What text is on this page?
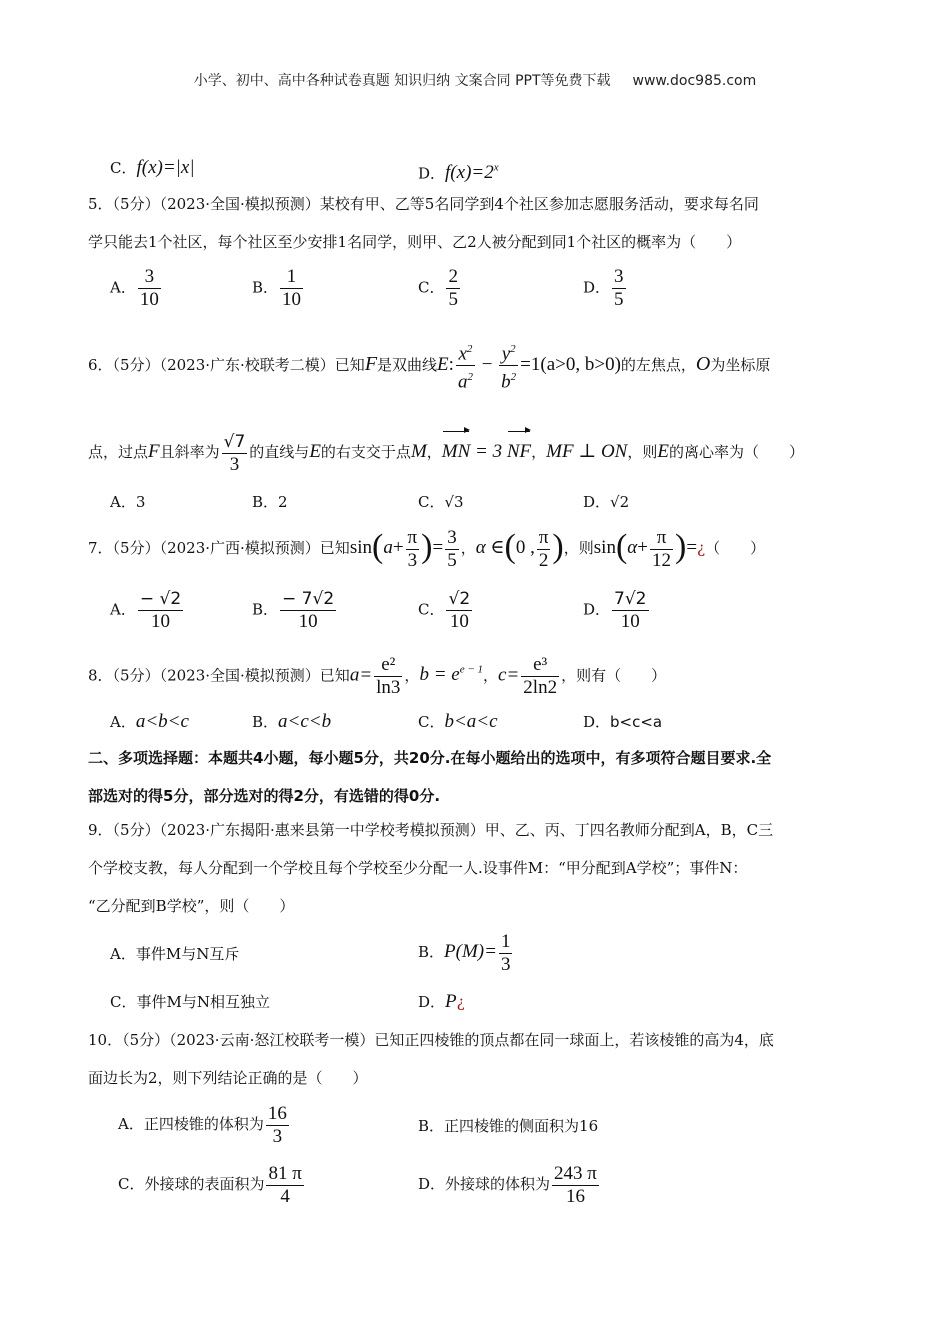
小学、初中、高中各种试卷真题 知识归纳 文案合同 PPT等免费下载 www.doc985.com
C．f(x)=|x|	D．$f(x)=2^x$
5．（5分）（2023·全国·模拟预测）某校有甲、乙等5名同学到4个社区参加志愿服务活动，要求每名同
学只能去1个社区，每个社区至少安排1名同学，则甲、乙2人被分配到同1个社区的概率为（　　）
A． $\frac{3}{10}$	B． $\frac{1}{10}$	C． $\frac{2}{5}$	D． $\frac{3}{5}$
6．（5分）（2023·广东·校联考二模）已知F是双曲线E: $\frac{x^2}{a^2} - \frac{y^2}{b^2} =1(a>0$, b>0)的左焦点，O为坐标原
点，过点F且斜率为 $\frac{√7}{3}$ 的直线与E的右支交于点M，MN = 3 NF，MF ⊥ ON，则E的离心率为（　　）
A．3	B．2	C．√3	D．√2
7．（5分）（2023·广西·模拟预测）已知$\sin(a+ \frac{\pi}{3}$ )= $\frac{3}{5}$ ，α ∈(0 , $\frac{\pi}{2}$ )，则$\sin(\alpha+ \frac{\pi}{12}$ )=¿（　　）
A． $\frac{- √2}{10}$	B． $\frac{- 7√2}{10}$	C． $\frac{√2}{10}$	D． $\frac{7√2}{10}$
8．（5分）（2023·全国·模拟预测）已知$a= \frac{\text{e²}}{\ln 3}$ ，$b = e^{e - 1}$，$c= \frac{\text{e³}}{2\ln 2}$ ，则有（　　）
A．a<b<c	B．a<c<b	C．b<a<c	D．b<c<a
二、多项选择题：本题共4小题，每小题5分，共20分.在每小题给出的选项中，有多项符合题目要求.全
部选对的得5分，部分选对的得2分，有选错的得0分.
9．（5分）（2023·广东揭阳·惠来县第一中学校考模拟预测）甲、乙、丙、丁四名教师分配到A，B，C三
个学校支教，每人分配到一个学校且每个学校至少分配一人.设事件M：“甲分配到A学校”；事件N：
“乙分配到B学校”，则（　　）
A．事件M与N互斥	B．$P(M)= \frac{1}{3}$
C．事件M与N相互独立	D．P¿
10．（5分）（2023·云南·怒江校联考一模）已知正四棱锥的顶点都在同一球面上，若该棱锥的高为4，底
面边长为2，则下列结论正确的是（　　）
A．正四棱锥的体积为 $\frac{16}{3}$	B．正四棱锥的侧面积为16
C．外接球的表面积为 $\frac{81 \pi}{4}$	D．外接球的体积为 $\frac{243 \pi}{16}$
